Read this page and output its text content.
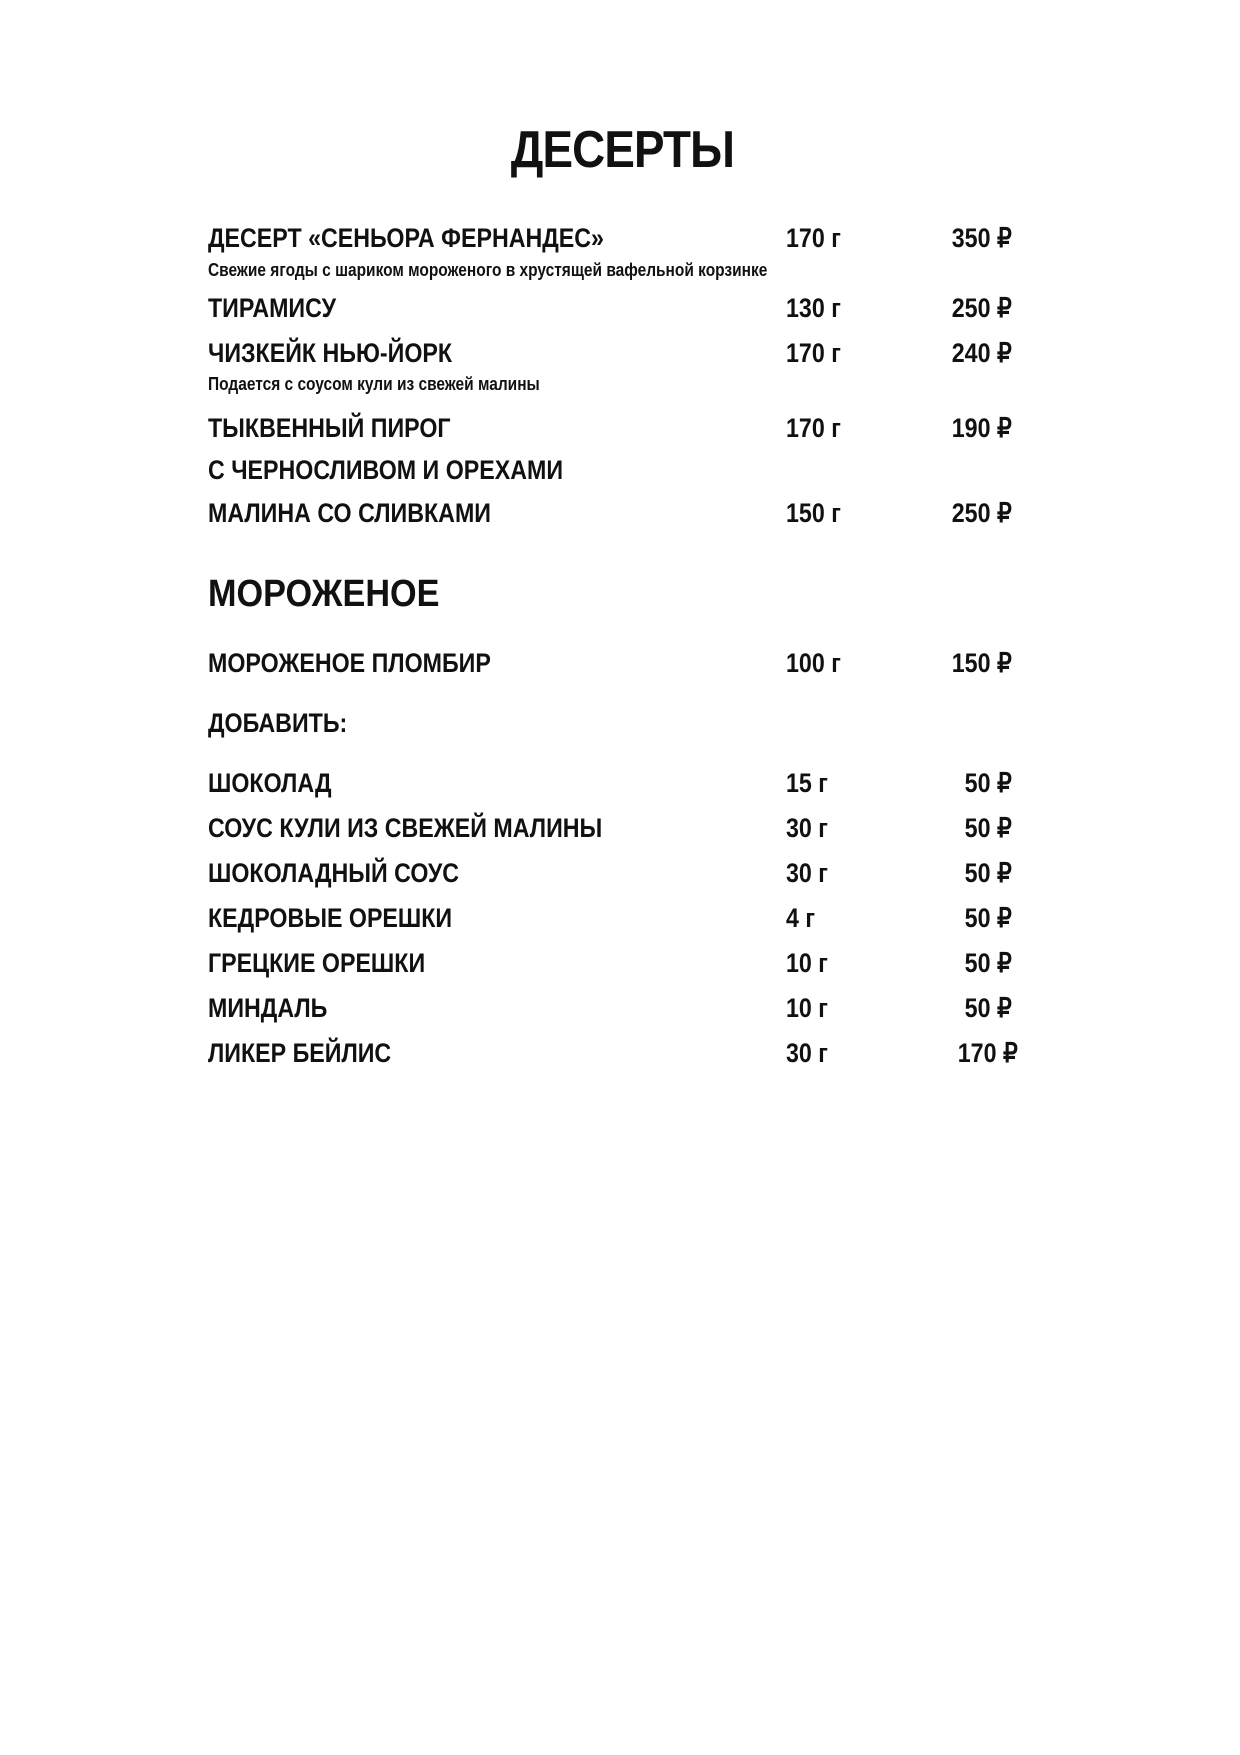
ДЕСЕРТЫ
ДЕСЕРТ «СЕНЬОРА ФЕРНАНДЕС»	170 г	350 ₽
Свежие ягоды с шариком мороженого в хрустящей вафельной корзинке
ТИРАМИСУ	130 г	250 ₽
ЧИЗКЕЙК НЬЮ-ЙОРК	170 г	240 ₽
Подается с соусом кули из свежей малины
ТЫКВЕННЫЙ ПИРОГ	170 г	190 ₽
С ЧЕРНОСЛИВОМ И ОРЕХАМИ
МАЛИНА СО СЛИВКАМИ	150 г	250 ₽
МОРОЖЕНОЕ
МОРОЖЕНОЕ ПЛОМБИР	100 г	150 ₽
ДОБАВИТЬ:
ШОКОЛАД	15 г	50 ₽
СОУС КУЛИ ИЗ СВЕЖЕЙ МАЛИНЫ	30 г	50 ₽
ШОКОЛАДНЫЙ СОУС	30 г	50 ₽
КЕДРОВЫЕ ОРЕШКИ	4 г	50 ₽
ГРЕЦКИЕ ОРЕШКИ	10 г	50 ₽
МИНДАЛЬ	10 г	50 ₽
ЛИКЕР БЕЙЛИС	30 г	170 ₽
